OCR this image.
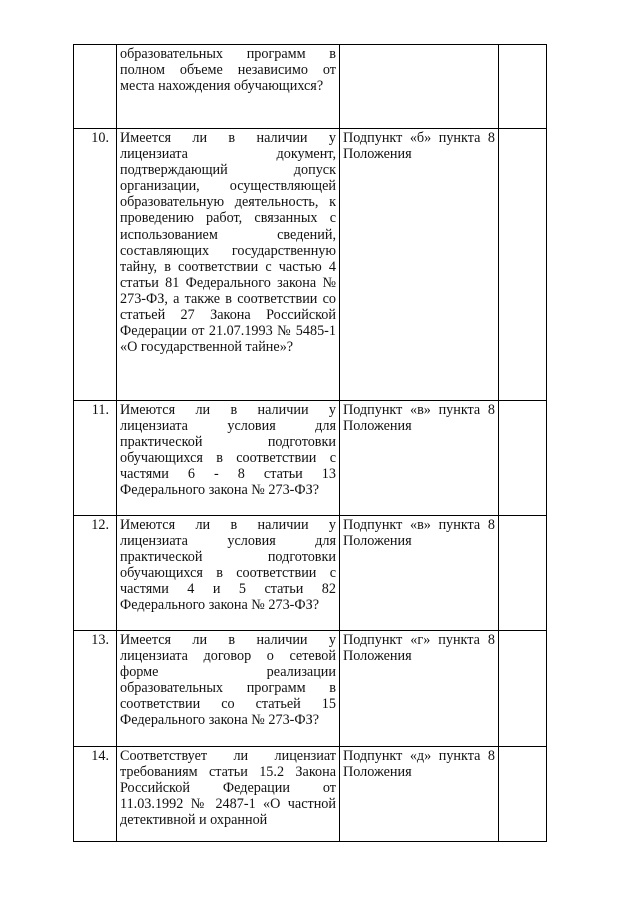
	образовательных программ в полном объеме независимо от места нахождения обучающихся?		
10.	Имеется ли в наличии у лицензиата документ, подтверждающий допуск организации, осуществляющей образовательную деятельность, к проведению работ, связанных с использованием сведений, составляющих государственную тайну, в соответствии с частью 4 статьи 81 Федерального закона № 273-ФЗ, а также в соответствии со статьей 27 Закона Российской Федерации от 21.07.1993 № 5485-1 «О государственной тайне»?	Подпункт «б» пункта 8 Положения	
11.	Имеются ли в наличии у лицензиата условия для практической подготовки обучающихся в соответствии с частями 6 - 8 статьи 13 Федерального закона № 273-ФЗ?	Подпункт «в» пункта 8 Положения	
12.	Имеются ли в наличии у лицензиата условия для практической подготовки обучающихся в соответствии с частями 4 и 5 статьи 82 Федерального закона № 273-ФЗ?	Подпункт «в» пункта 8 Положения	
13.	Имеется ли в наличии у лицензиата договор о сетевой форме реализации образовательных программ в соответствии со статьей 15 Федерального закона № 273-ФЗ?	Подпункт «г» пункта 8 Положения	
14.	Соответствует ли лицензиат требованиям статьи 15.2 Закона Российской Федерации от 11.03.1992 № 2487-1 «О частной детективной и охранной	Подпункт «д» пункта 8 Положения	
